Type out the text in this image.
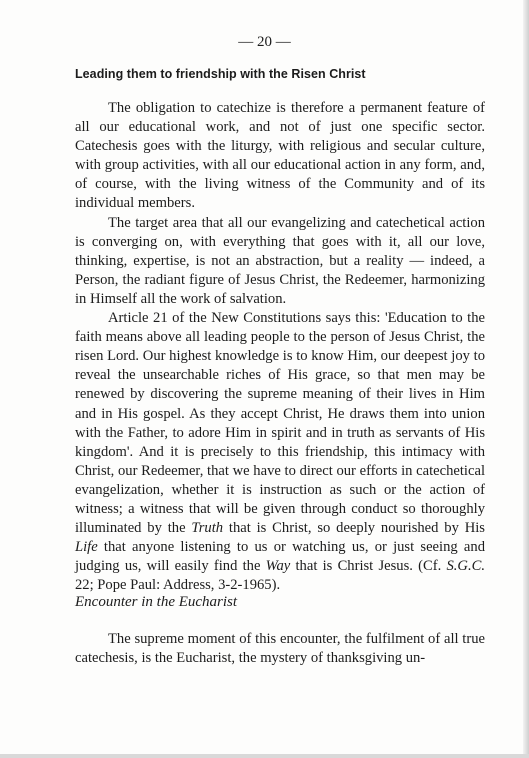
— 20 —
Leading them to friendship with the Risen Christ

The obligation to catechize is therefore a permanent feature of all our educational work, and not of just one specific sector. Catechesis goes with the liturgy, with religious and secular culture, with group activities, with all our educational action in any form, and, of course, with the living witness of the Community and of its individual members.

The target area that all our evangelizing and catechetical action is converging on, with everything that goes with it, all our love, thinking, expertise, is not an abstraction, but a reality — indeed, a Person, the radiant figure of Jesus Christ, the Redeemer, harmonizing in Himself all the work of salvation.

Article 21 of the New Constitutions says this: 'Education to the faith means above all leading people to the person of Jesus Christ, the risen Lord. Our highest knowledge is to know Him, our deepest joy to reveal the unsearchable riches of His grace, so that men may be renewed by discovering the supreme meaning of their lives in Him and in His gospel. As they accept Christ, He draws them into union with the Father, to adore Him in spirit and in truth as servants of His kingdom'. And it is precisely to this friendship, this intimacy with Christ, our Redeemer, that we have to direct our efforts in catechetical evangelization, whether it is instruction as such or the action of witness; a witness that will be given through conduct so thoroughly illuminated by the Truth that is Christ, so deeply nourished by His Life that anyone listening to us or watching us, or just seeing and judging us, will easily find the Way that is Christ Jesus. (Cf. S.G.C. 22; Pope Paul: Address, 3-2-1965).

Encounter in the Eucharist

The supreme moment of this encounter, the fulfilment of all true catechesis, is the Eucharist, the mystery of thanksgiving un-
